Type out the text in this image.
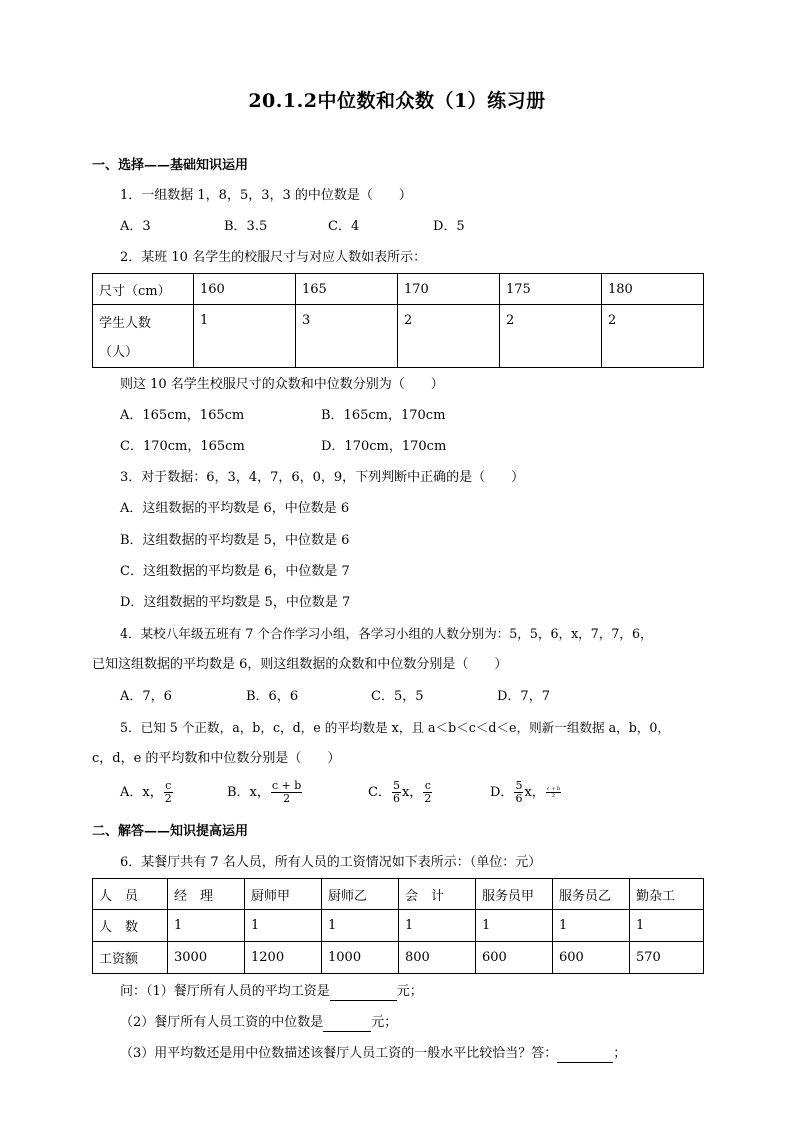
20.1.2中位数和众数（1）练习册
一、选择——基础知识运用
1．一组数据 1，8，5，3，3 的中位数是（　　）
A．3	B．3.5	C．4	D．5
2．某班 10 名学生的校服尺寸与对应人数如表所示：
尺寸（cm）	160	165	170	175	180

学生人数
（人）	1	3	2	2	2
则这 10 名学生校服尺寸的众数和中位数分别为（　　）
A．165cm，165cm	B．165cm，170cm
C．170cm，165cm	D．170cm，170cm
3．对于数据：6，3，4，7，6，0，9，下列判断中正确的是（　　）
A．这组数据的平均数是 6，中位数是 6
B．这组数据的平均数是 5，中位数是 6
C．这组数据的平均数是 6，中位数是 7
D．这组数据的平均数是 5，中位数是 7
4．某校八年级五班有 7 个合作学习小组，各学习小组的人数分别为：5，5，6，x，7，7，6，
已知这组数据的平均数是 6，则这组数据的众数和中位数分别是（　　）
A．7，6	B．6，6	C．5，5	D．7，7
5．已知 5 个正数，a，b，c，d，e 的平均数是 x，且 a＜b＜c＜d＜e，则新一组数据 a，b，0，
c，d，e 的平均数和中位数分别是（　　）
A．x， $\frac{c}{2}$	B．x， $\frac{c + b}{2}$	C． $\frac{5}{6}$ x， $\frac{c}{2}$	D． $\frac{5}{6}$ x， $\frac{c + b}{2}$
二、解答——知识提高运用
6．某餐厅共有 7 名人员，所有人员的工资情况如下表所示：（单位：元）
人　员	经　理	厨师甲	厨师乙	会　计	服务员甲	服务员乙	勤杂工
人　数	1	1	1	1	1	1	1
工资额	3000	1200	1000	800	600	600	570
问：（1）餐厅所有人员的平均工资是	元；
（2）餐厅所有人员工资的中位数是	元；
（3）用平均数还是用中位数描述该餐厅人员工资的一般水平比较恰当？答：	；
